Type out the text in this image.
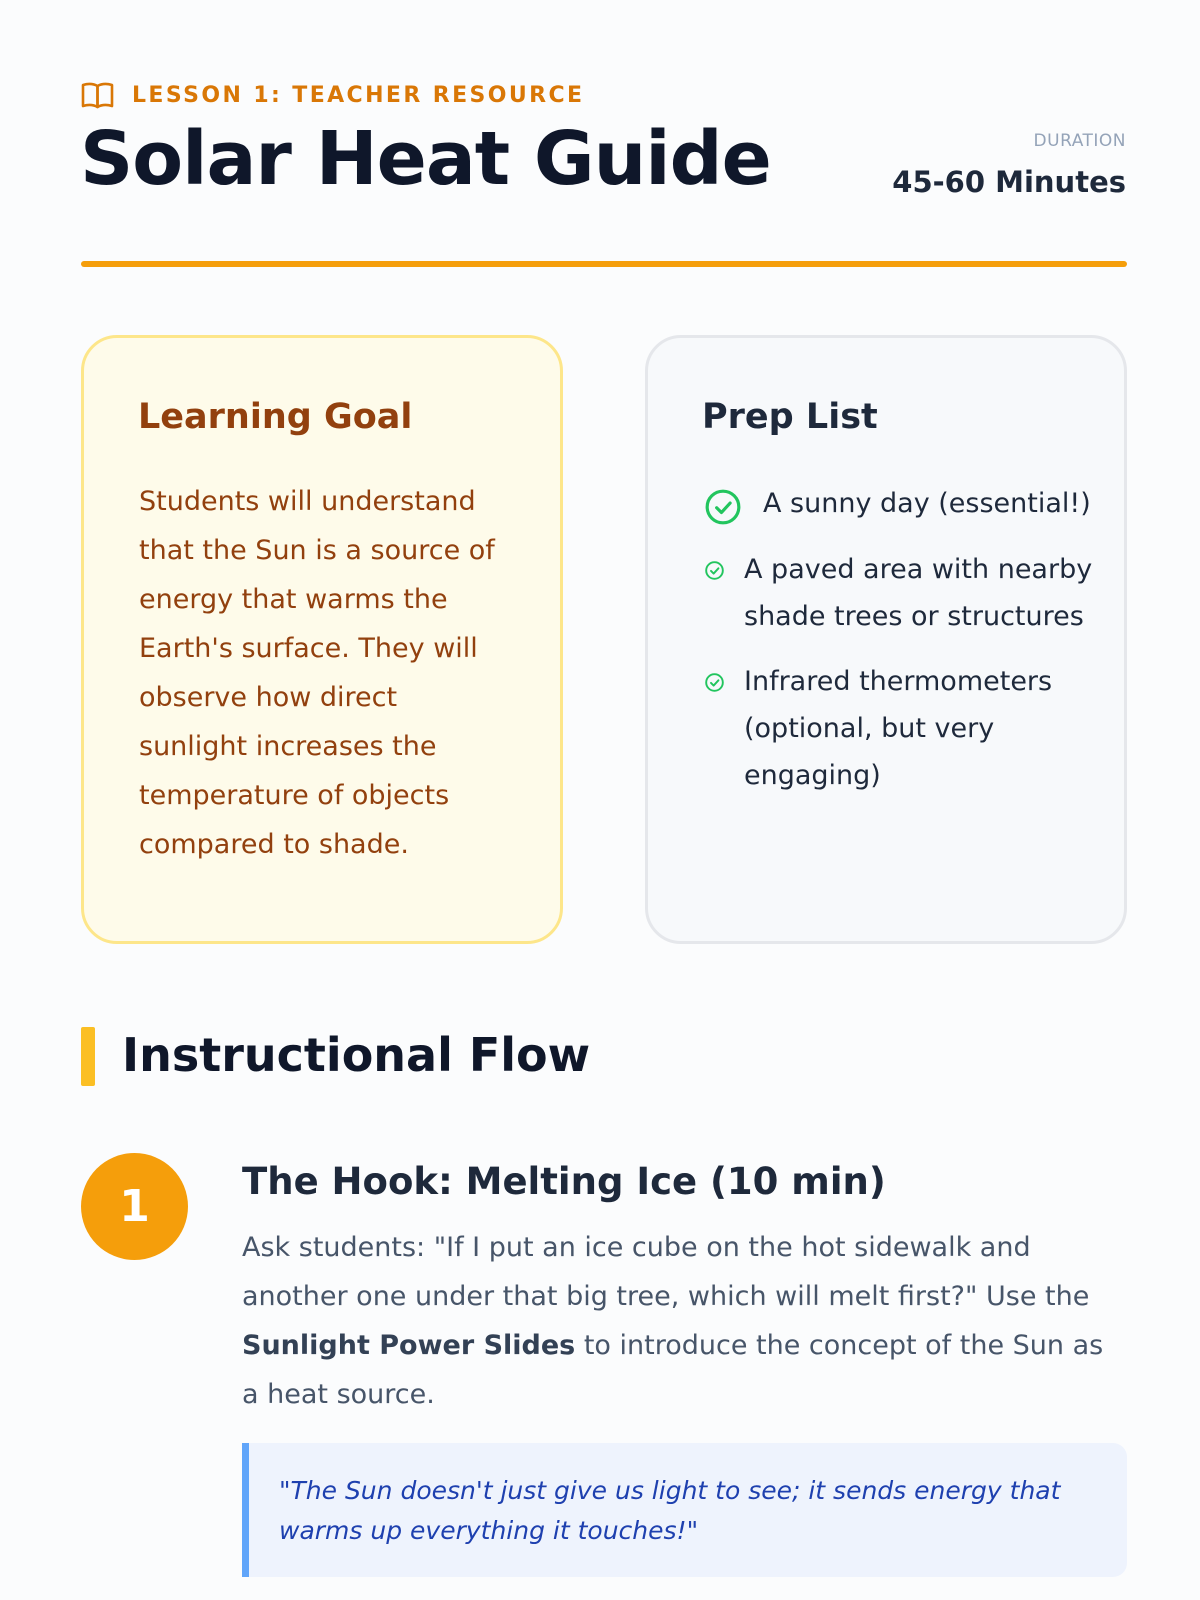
LESSON 1: TEACHER RESOURCE
Solar Heat Guide	DURATION
45-60 Minutes
Learning Goal

Students will understand that the Sun is a source of energy that warms the Earth's surface. They will observe how direct sunlight increases the temperature of objects compared to shade.

Prep List
A sunny day (essential!)
A paved area with nearby shade trees or structures
Infrared thermometers (optional, but very engaging)
Instructional Flow
1	The Hook: Melting Ice (10 min)

Ask students: "If I put an ice cube on the hot sidewalk and another one under that big tree, which will melt first?" Use the Sunlight Power Slides to introduce the concept of the Sun as a heat source.

"The Sun doesn't just give us light to see; it sends energy that warms up everything it touches!"
